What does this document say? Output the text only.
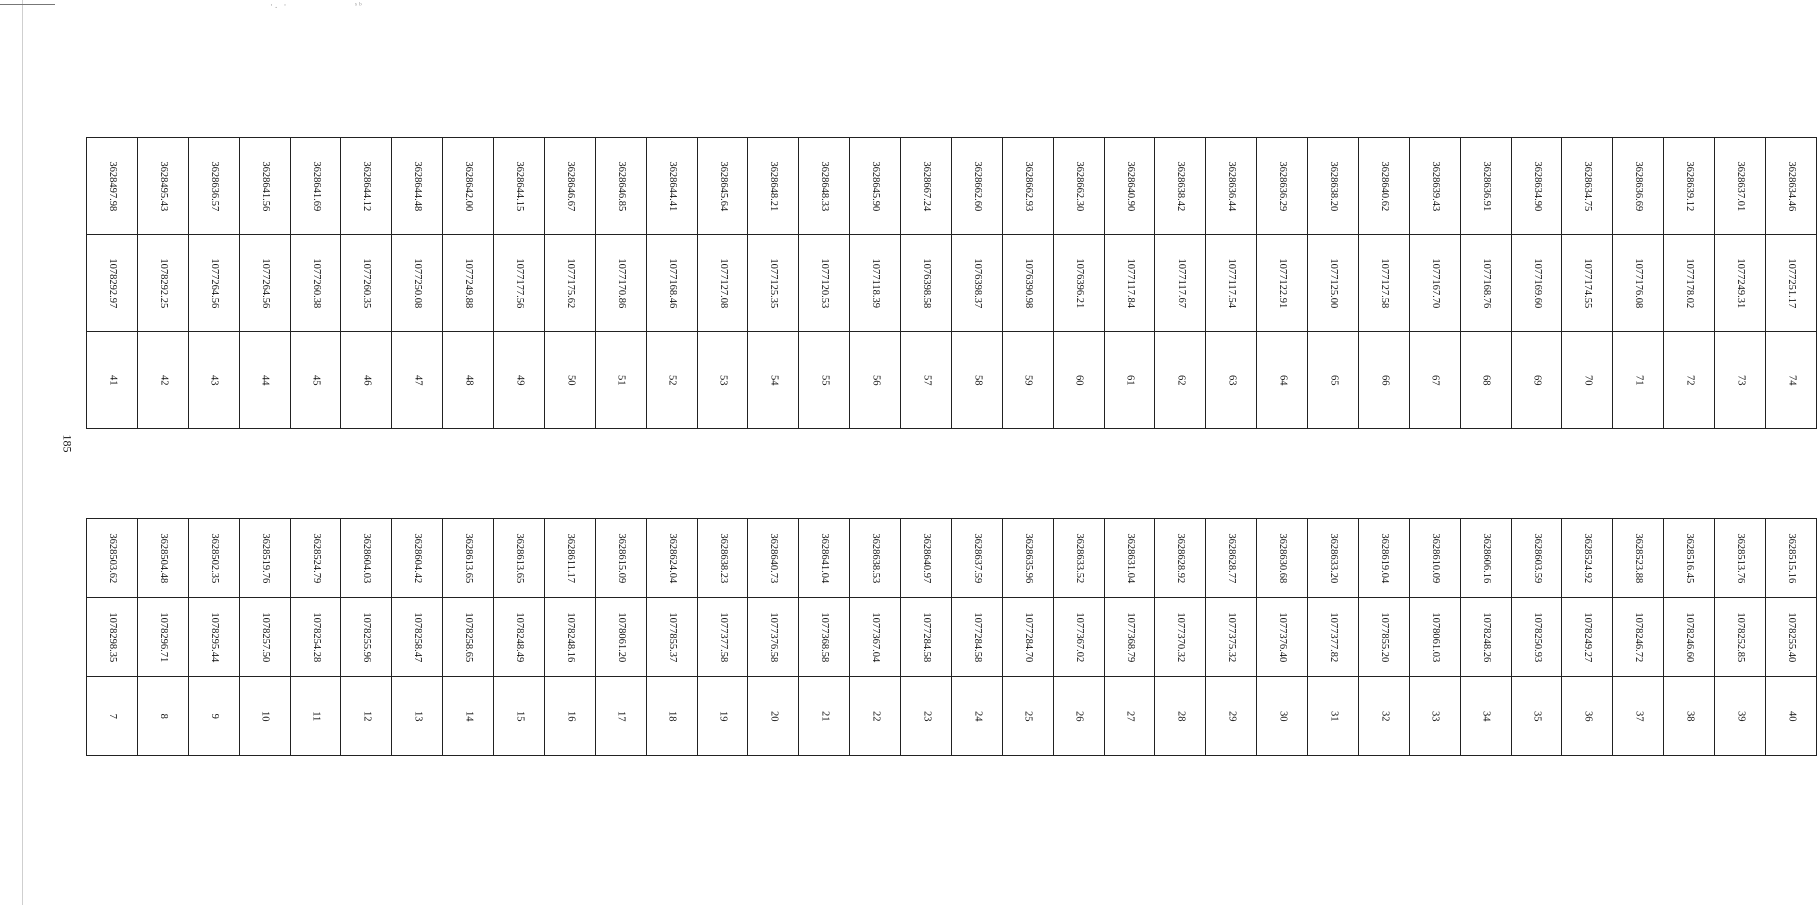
·. ·	ˢᵇ
185
3628503.62	3628504.48	3628502.35	3628519.76	3628524.79	3628604.03	3628604.42	3628613.65	3628613.65	3628611.17	3628615.09	3628624.04	3628638.23	3628640.73	3628641.04	3628638.53	3628640.97	3628637.59	3628635.96	3628633.52	3628631.04	3628628.92	3628628.77	3628630.68	3628633.20	3628619.04	3628610.09	3628606.16	3628603.59	3628524.92	3628523.88	3628516.45	3628513.76	3628515.16
1078298.35	1078296.71	1078295.44	1078257.50	1078254.28	1078255.96	1078258.47	1078258.65	1078248.49	1078248.16	1078061.20	1077855.37	1077377.58	1077376.58	1077368.58	1077367.04	1077284.58	1077284.58	1077284.70	1077367.02	1077368.79	1077370.32	1077375.32	1077376.40	1077377.82	1077855.20	1078061.03	1078248.26	1078250.93	1078249.27	1078246.72	1078246.60	1078252.85	1078255.40
7	8	9	10	11	12	13	14	15	16	17	18	19	20	21	22	23	24	25	26	27	28	29	30	31	32	33	34	35	36	37	38	39	40
3628497.98	3628495.43	3628636.57	3628641.56	3628641.69	3628644.12	3628644.48	3628642.00	3628644.15	3628646.67	3628646.85	3628644.41	3628645.64	3628648.21	3628648.33	3628645.90	3628667.24	3628662.60	3628662.93	3628662.30	3628640.90	3628638.42	3628636.44	3628636.29	3628638.20	3628640.62	3628639.43	3628636.91	3628634.90	3628634.75	3628636.69	3628639.12	3628637.01	3628634.46
1078292.97	1078292.25	1077264.56	1077264.56	1077260.38	1077260.35	1077250.08	1077249.88	1077177.56	1077175.62	1077170.86	1077168.46	1077127.08	1077125.35	1077120.53	1077118.39	1076398.58	1076398.37	1076390.98	1076396.21	1077117.84	1077117.67	1077117.54	1077122.91	1077125.00	1077127.58	1077167.70	1077168.76	1077169.60	1077174.55	1077176.08	1077178.02	1077249.31	1077251.17
41	42	43	44	45	46	47	48	49	50	51	52	53	54	55	56	57	58	59	60	61	62	63	64	65	66	67	68	69	70	71	72	73	74
